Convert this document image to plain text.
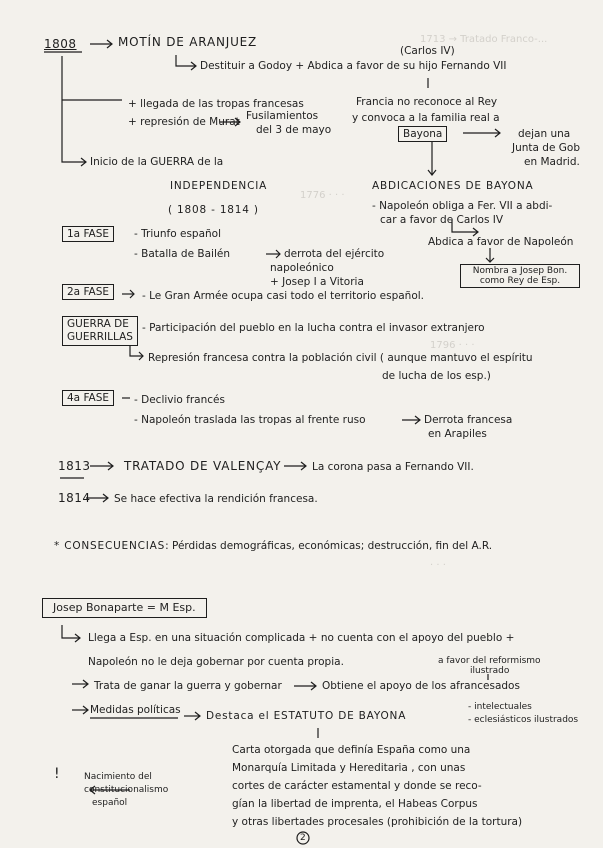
1713 → Tratado Franco-...
1776 · · ·
1796 · · ·
· · ·
1808	MOTÍN DE ARANJUEZ
(Carlos IV)
Destituir a Godoy + Abdica a favor de su hijo Fernando VII
Francia no reconoce al Rey
y convoca a la familia real a
Bayona	dejan una
Junta de Gob
en Madrid.
+ llegada de las tropas francesas
+ represión de Murat Fusilamientos
del 3 de mayo
Inicio de la GUERRA de la
INDEPENDENCIA
( 1808 - 1814 )
ABDICACIONES DE BAYONA
- Napoleón obliga a Fer. VII a abdi-
car a favor de Carlos IV
Abdica a favor de Napoleón
Nombra a Josep Bon.
como Rey de Esp.
1a FASE	- Triunfo español
- Batalla de Bailén	derrota del ejército
napoleónico
+ Josep I a Vitoria
2a FASE	- Le Gran Armée ocupa casi todo el territorio español.
GUERRA DE
GUERRILLAS
- Participación del pueblo en la lucha contra el invasor extranjero
Represión francesa contra la población civil ( aunque mantuvo el espíritu
de lucha de los esp.)
4a FASE	- Declivio francés
- Napoleón traslada las tropas al frente ruso	Derrota francesa
en Arapiles
1813	TRATADO DE VALENÇAY	La corona pasa a Fernando VII.
1814 Se hace efectiva la rendición francesa.
* CONSECUENCIAS: Pérdidas demográficas, económicas; destrucción, fin del A.R.
Josep Bonaparte = M Esp.
Llega a Esp. en una situación complicada + no cuenta con el apoyo del pueblo +
Napoleón no le deja gobernar por cuenta propia.	a favor del reformismo
ilustrado
Trata de ganar la guerra y gobernar	Obtiene el apoyo de los afrancesados
Medidas políticas Destaca el ESTATUTO DE BAYONA
- intelectuales
- eclesiásticos ilustrados
Carta otorgada que definía España como una
Monarquía Limitada y Hereditaria , con unas
cortes de carácter estamental y donde se reco-
gían la libertad de imprenta, el Habeas Corpus
y otras libertades procesales (prohibición de la tortura)
Nacimiento del
constitucionalismo
español
!
2
